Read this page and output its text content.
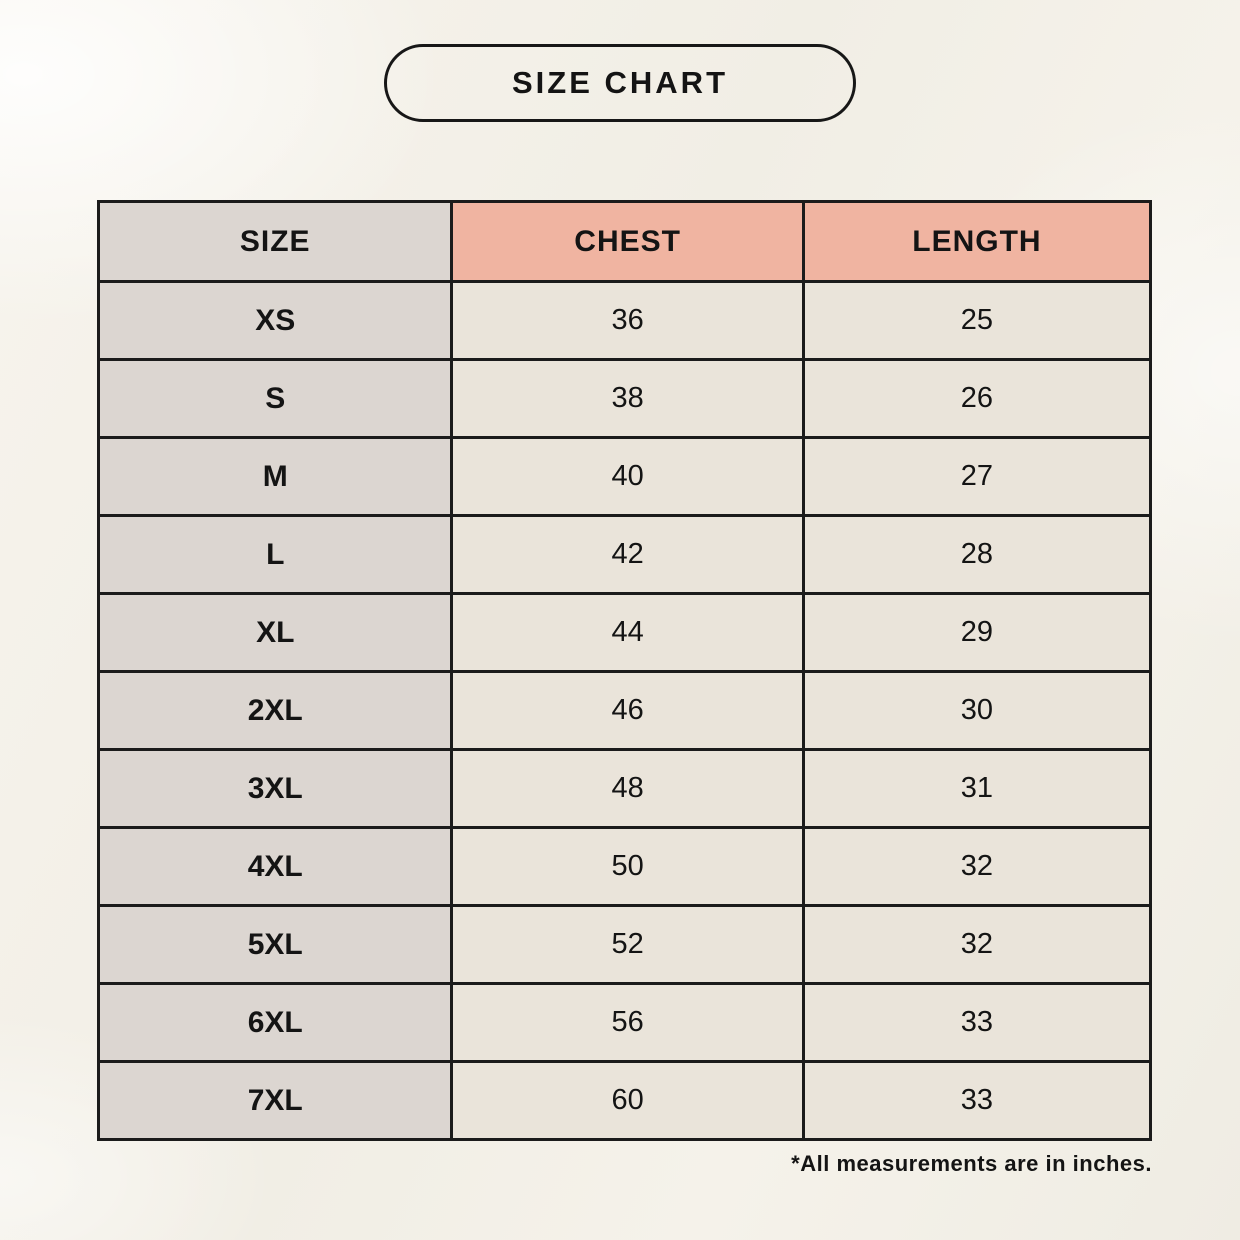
SIZE CHART
SIZE	CHEST	LENGTH
XS	36	25
S	38	26
M	40	27
L	42	28
XL	44	29
2XL	46	30
3XL	48	31
4XL	50	32
5XL	52	32
6XL	56	33
7XL	60	33
*All measurements are in inches.
